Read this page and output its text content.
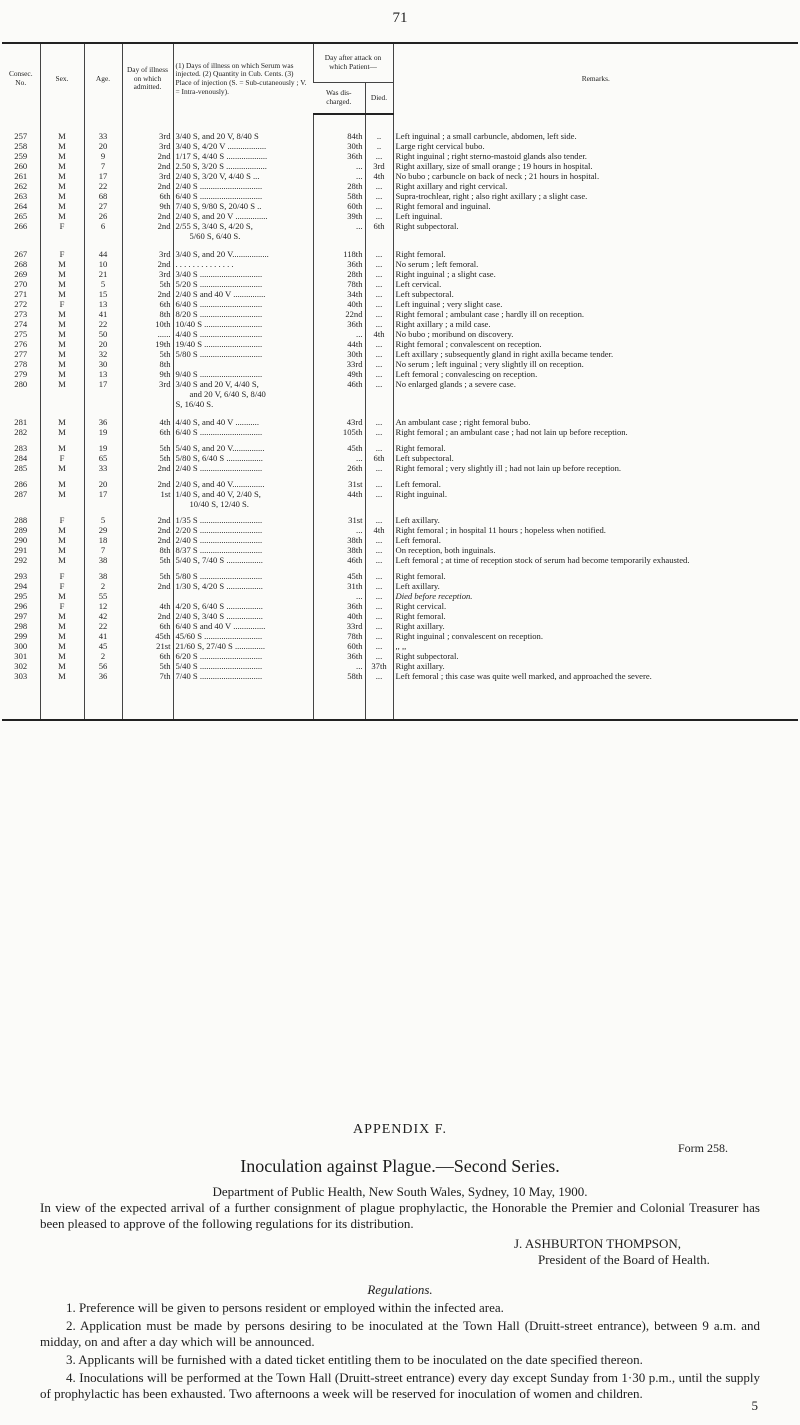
71
Consec. No.	Sex.	Age.	Day of illness on which admitted.	(1) Days of illness on which Serum was injected. (2) Quantity in Cub. Cents. (3) Place of injection (S. = Sub-cutaneously ; V. = Intra-venously).	Day after attack on which Patient—		Remarks.
					Was dis-charged.	Died.	

257	M	33	3rd	3/40 S, and 20 V, 8/40 S	84th	..	Left inguinal ; a small carbuncle, abdomen, left side.
258	M	20	3rd	3/40 S, 4/20 V ..................	30th	..	Large right cervical bubo.
259	M	9	2nd	1/17 S, 4/40 S ...................	36th	...	Right inguinal ; right sterno-mastoid glands also tender.
260	M	7	2nd	2.50 S, 3/20 S ...................	...	3rd	Right axillary, size of small orange ; 19 hours in hospital.
261	M	17	3rd	2/40 S, 3/20 V, 4/40 S ...	...	4th	No bubo ; carbuncle on back of neck ; 21 hours in hospital.
262	M	22	2nd	2/40 S .............................	28th	...	Right axillary and right cervical.
263	M	68	6th	6/40 S .............................	58th	...	Supra-trochlear, right ; also right axillary ; a slight case.
264	M	27	9th	7/40 S, 9/80 S, 20/40 S ..	60th	...	Right femoral and inguinal.
265	M	26	2nd	2/40 S, and 20 V ...............	39th	...	Left inguinal.
266	F	6	2nd	2/55 S, 3/40 S, 4/20 S,
5/60 S, 6/40 S.	...	6th	Right subpectoral.
267	F	44	3rd	3/40 S, and 20 V.................	118th	...	Right femoral.
268	M	10	2nd	. . . . . . . . . . . . . .	36th	...	No serum ; left femoral.
269	M	21	3rd	3/40 S .............................	28th	...	Right inguinal ; a slight case.
270	M	5	5th	5/20 S .............................	78th	...	Left cervical.
271	M	15	2nd	2/40 S and 40 V ...............	34th	...	Left subpectoral.
272	F	13	6th	6/40 S .............................	40th	...	Left inguinal ; very slight case.
273	M	41	8th	8/20 S .............................	22nd	...	Right femoral ; ambulant case ; hardly ill on reception.
274	M	22	10th	10/40 S ...........................	36th	...	Right axillary ; a mild case.
275	M	50	......	4/40 S .............................	...	4th	No bubo ; moribund on discovery.
276	M	20	19th	19/40 S ...........................	44th	...	Right femoral ; convalescent on reception.
277	M	32	5th	5/80 S .............................	30th	...	Left axillary ; subsequently gland in right axilla became tender.
278	M	30	8th		33rd	...	No serum ; left inguinal ; very slightly ill on reception.
279	M	13	9th	9/40 S .............................	49th	...	Left femoral ; convalescing on reception.
280	M	17	3rd	3/40 S and 20 V, 4/40 S,
and 20 V, 6/40 S, 8/40
S, 16/40 S.	46th	...	No enlarged glands ; a severe case.
281	M	36	4th	4/40 S, and 40 V ...........	43rd	...	An ambulant case ; right femoral bubo.
282	M	19	6th	6/40 S .............................	105th	...	Right femoral ; an ambulant case ; had not lain up before reception.
283	M	19	5th	5/40 S, and 20 V...............	45th	...	Right femoral.
284	F	65	5th	5/80 S, 6/40 S .................	...	6th	Left subpectoral.
285	M	33	2nd	2/40 S .............................	26th	...	Right femoral ; very slightly ill ; had not lain up before reception.
286	M	20	2nd	2/40 S, and 40 V...............	31st	...	Left femoral.
287	M	17	1st	1/40 S, and 40 V, 2/40 S,
10/40 S, 12/40 S.	44th	...	Right inguinal.
288	F	5	2nd	1/35 S .............................	31st	...	Left axillary.
289	M	29	2nd	2/20 S .............................	...	4th	Right femoral ; in hospital 11 hours ; hopeless when notified.
290	M	18	2nd	2/40 S .............................	38th	...	Left femoral.
291	M	7	8th	8/37 S .............................	38th	...	On reception, both inguinals.
292	M	38	5th	5/40 S, 7/40 S .................	46th	...	Left femoral ; at time of reception stock of serum had become temporarily exhausted.
293	F	38	5th	5/80 S .............................	45th	...	Right femoral.
294	F	2	2nd	1/30 S, 4/20 S .................	31th	...	Left axillary.
295	M	55			...	...	Died before reception.
296	F	12	4th	4/20 S, 6/40 S .................	36th	...	Right cervical.
297	M	42	2nd	2/40 S, 3/40 S .................	40th	...	Right femoral.
298	M	22	6th	6/40 S and 40 V ...............	33rd	...	Right axillary.
299	M	41	45th	45/60 S ...........................	78th	...	Right inguinal ; convalescent on reception.
300	M	45	21st	21/60 S, 27/40 S ..............	60th	...	,, ,,
301	M	2	6th	6/20 S .............................	36th	...	Right subpectoral.
302	M	56	5th	5/40 S .............................	...	37th	Right axillary.
303	M	36	7th	7/40 S .............................	58th	...	Left femoral ; this case was quite well marked, and approached the severe.

APPENDIX F.
Form 258.
Inoculation against Plague.—Second Series.
Department of Public Health, New South Wales, Sydney, 10 May, 1900.
In view of the expected arrival of a further consignment of plague prophylactic, the Honorable the Premier and Colonial Treasurer has been pleased to approve of the following regulations for its distribution.
J. ASHBURTON THOMPSON,
President of the Board of Health.
Regulations.
1. Preference will be given to persons resident or employed within the infected area.
2. Application must be made by persons desiring to be inoculated at the Town Hall (Druitt-street entrance), between 9 a.m. and midday, on and after a day which will be announced.
3. Applicants will be furnished with a dated ticket entitling them to be inoculated on the date specified thereon.
4. Inoculations will be performed at the Town Hall (Druitt-street entrance) every day except Sunday from 1·30 p.m., until the supply of prophylactic has been exhausted. Two afternoons a week will be reserved for inoculation of women and children.
5
